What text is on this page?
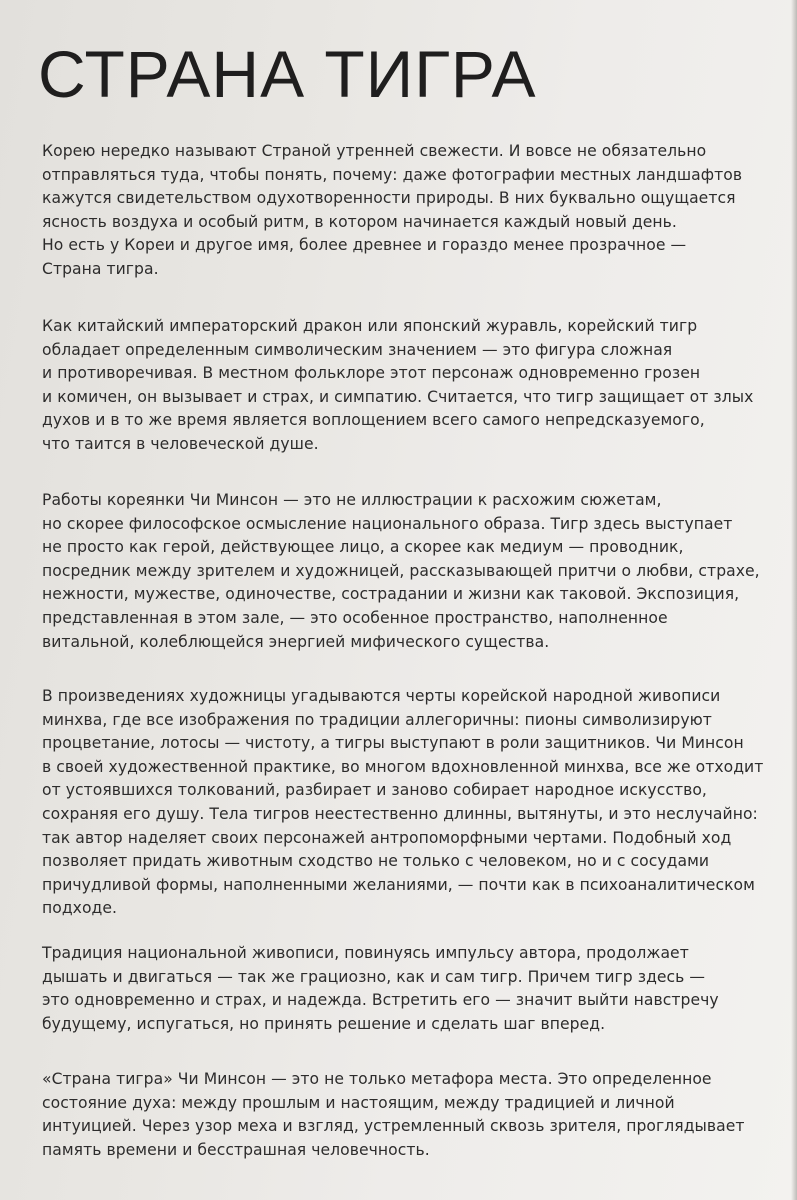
СТРАНА ТИГРА

Корею нередко называют Страной утренней свежести. И вовсе не обязательно
отправляться туда, чтобы понять, почему: даже фотографии местных ландшафтов
кажутся свидетельством одухотворенности природы. В них буквально ощущается
ясность воздуха и особый ритм, в котором начинается каждый новый день.
Но есть у Кореи и другое имя, более древнее и гораздо менее прозрачное —
Страна тигра.

Как китайский императорский дракон или японский журавль, корейский тигр
обладает определенным символическим значением — это фигура сложная
и противоречивая. В местном фольклоре этот персонаж одновременно грозен
и комичен, он вызывает и страх, и симпатию. Считается, что тигр защищает от злых
духов и в то же время является воплощением всего самого непредсказуемого,
что таится в человеческой душе.

Работы кореянки Чи Минсон — это не иллюстрации к расхожим сюжетам,
но скорее философское осмысление национального образа. Тигр здесь выступает
не просто как герой, действующее лицо, а скорее как медиум — проводник,
посредник между зрителем и художницей, рассказывающей притчи о любви, страхе,
нежности, мужестве, одиночестве, сострадании и жизни как таковой. Экспозиция,
представленная в этом зале, — это особенное пространство, наполненное
витальной, колеблющейся энергией мифического существа.

В произведениях художницы угадываются черты корейской народной живописи
минхва, где все изображения по традиции аллегоричны: пионы символизируют
процветание, лотосы — чистоту, а тигры выступают в роли защитников. Чи Минсон
в своей художественной практике, во многом вдохновленной минхва, все же отходит
от устоявшихся толкований, разбирает и заново собирает народное искусство,
сохраняя его душу. Тела тигров неестественно длинны, вытянуты, и это неслучайно:
так автор наделяет своих персонажей антропоморфными чертами. Подобный ход
позволяет придать животным сходство не только с человеком, но и с сосудами
причудливой формы, наполненными желаниями, — почти как в психоаналитическом
подходе.

Традиция национальной живописи, повинуясь импульсу автора, продолжает
дышать и двигаться — так же грациозно, как и сам тигр. Причем тигр здесь —
это одновременно и страх, и надежда. Встретить его — значит выйти навстречу
будущему, испугаться, но принять решение и сделать шаг вперед.

«Страна тигра» Чи Минсон — это не только метафора места. Это определенное
состояние духа: между прошлым и настоящим, между традицией и личной
интуицией. Через узор меха и взгляд, устремленный сквозь зрителя, проглядывает
память времени и бесстрашная человечность.
